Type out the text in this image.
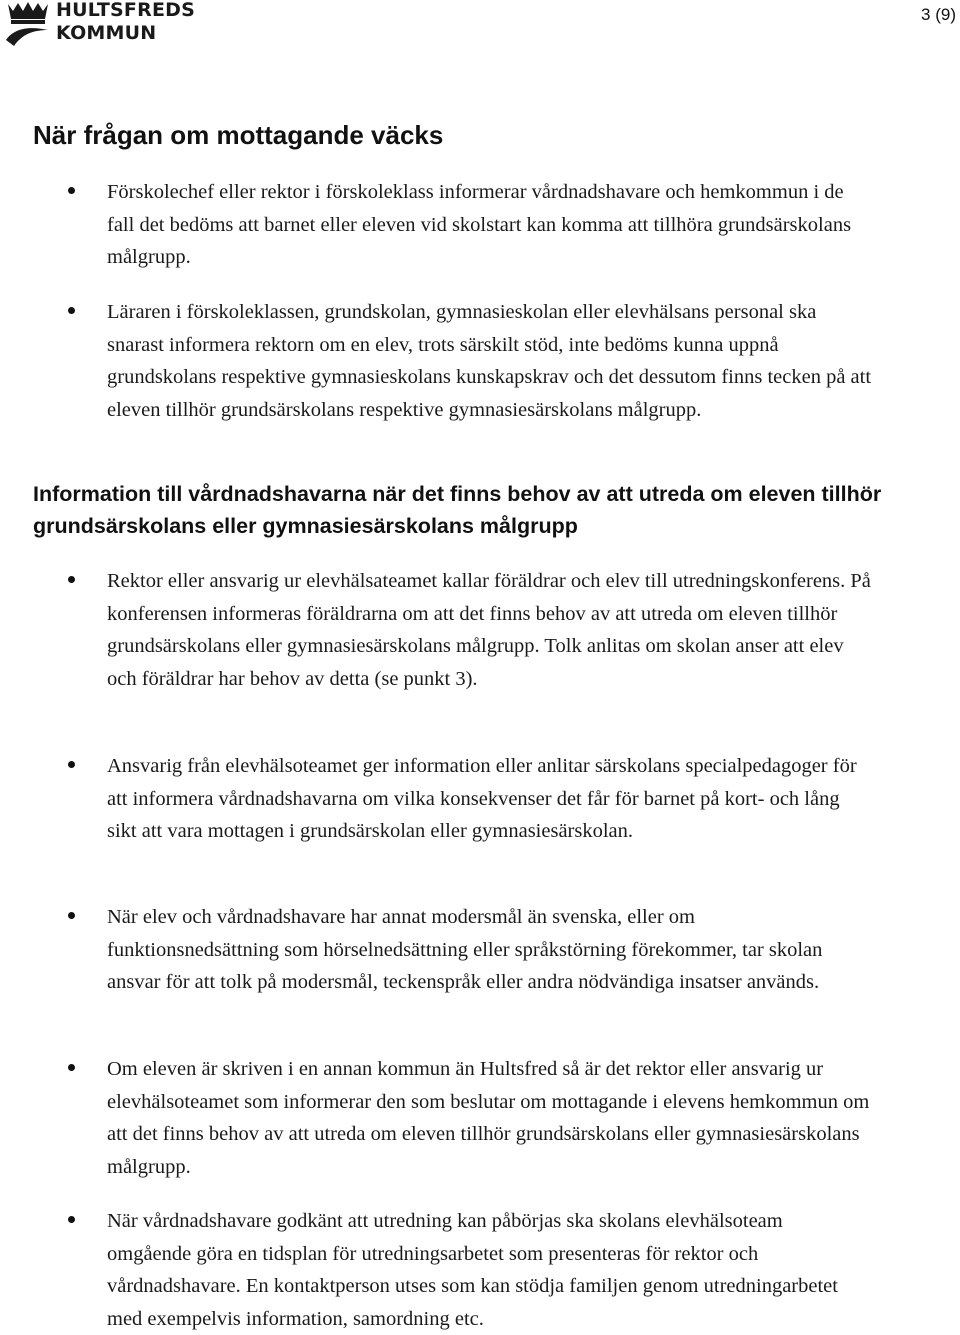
HULTSFREDS
KOMMUN
3 (9)
När frågan om mottagande väcks
Förskolechef eller rektor i förskoleklass informerar vårdnadshavare och hemkommun i de fall det bedöms att barnet eller eleven vid skolstart kan komma att tillhöra grundsärskolans målgrupp.
Läraren i förskoleklassen, grundskolan, gymnasieskolan eller elevhälsans personal ska snarast informera rektorn om en elev, trots särskilt stöd, inte bedöms kunna uppnå grundskolans respektive gymnasieskolans kunskapskrav och det dessutom finns tecken på att eleven tillhör grundsärskolans respektive gymnasiesärskolans målgrupp.
Information till vårdnadshavarna när det finns behov av att utreda om eleven tillhör grundsärskolans eller gymnasiesärskolans målgrupp
Rektor eller ansvarig ur elevhälsateamet kallar föräldrar och elev till utredningskonferens. På konferensen informeras föräldrarna om att det finns behov av att utreda om eleven tillhör grundsärskolans eller gymnasiesärskolans målgrupp. Tolk anlitas om skolan anser att elev och föräldrar har behov av detta (se punkt 3).
Ansvarig från elevhälsoteamet ger information eller anlitar särskolans specialpedagoger för att informera vårdnadshavarna om vilka konsekvenser det får för barnet på kort- och lång sikt att vara mottagen i grundsärskolan eller gymnasiesärskolan.
När elev och vårdnadshavare har annat modersmål än svenska, eller om funktionsnedsättning som hörselnedsättning eller språkstörning förekommer, tar skolan ansvar för att tolk på modersmål, teckenspråk eller andra nödvändiga insatser används.
Om eleven är skriven i en annan kommun än Hultsfred så är det rektor eller ansvarig ur elevhälsoteamet som informerar den som beslutar om mottagande i elevens hemkommun om att det finns behov av att utreda om eleven tillhör grundsärskolans eller gymnasiesärskolans målgrupp.
När vårdnadshavare godkänt att utredning kan påbörjas ska skolans elevhälsoteam omgående göra en tidsplan för utredningsarbetet som presenteras för rektor och vårdnadshavare. En kontaktperson utses som kan stödja familjen genom utredningarbetet med exempelvis information, samordning etc.
